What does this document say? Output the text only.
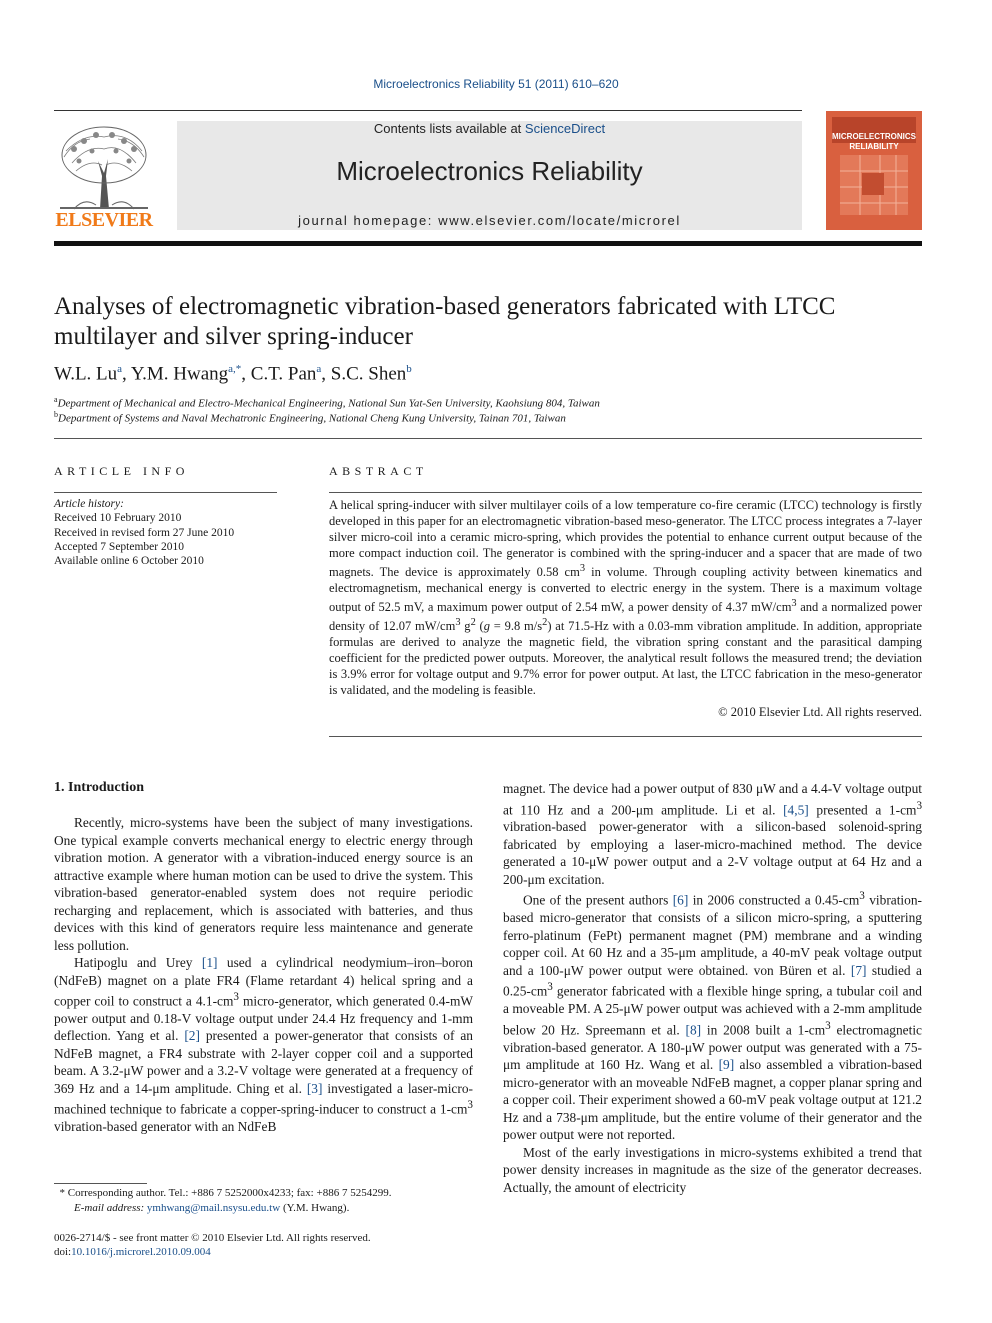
Microelectronics Reliability 51 (2011) 610–620
ELSEVIER
Contents lists available at ScienceDirect
Microelectronics Reliability
journal homepage: www.elsevier.com/locate/microrel
MICROELECTRONICS RELIABILITY
Analyses of electromagnetic vibration-based generators fabricated with LTCC multilayer and silver spring-inducer
W.L. Lu$^a$, Y.M. Hwang$^{a,*}$, C.T. Pan$^a$, S.C. Shen$^b$
$^a$Department of Mechanical and Electro-Mechanical Engineering, National Sun Yat-Sen University, Kaohsiung 804, Taiwan
$^b$Department of Systems and Naval Mechatronic Engineering, National Cheng Kung University, Tainan 701, Taiwan
ARTICLE INFO
Article history:
Received 10 February 2010
Received in revised form 27 June 2010
Accepted 7 September 2010
Available online 6 October 2010
ABSTRACT
A helical spring-inducer with silver multilayer coils of a low temperature co-fire ceramic (LTCC) technology is firstly developed in this paper for an electromagnetic vibration-based meso-generator. The LTCC process integrates a 7-layer silver micro-coil into a ceramic micro-spring, which provides the potential to enhance current output because of the more compact induction coil. The generator is combined with the spring-inducer and a spacer that are made of two magnets. The device is approximately 0.58 $cm^3$ in volume. Through coupling activity between kinematics and electromagnetism, mechanical energy is converted to electric energy in the system. There is a maximum voltage output of 52.5 mV, a maximum power output of 2.54 mW, a power density of 4.37 $mW/cm^3$ and a normalized power density of 12.07 $mW/cm^3$ $g^2$ (g = 9.8 $m/s^2$) at 71.5-Hz with a 0.03-mm vibration amplitude. In addition, appropriate formulas are derived to analyze the magnetic field, the vibration spring constant and the parasitical damping coefficient for the predicted power outputs. Moreover, the analytical result follows the measured trend; the deviation is 3.9% error for voltage output and 9.7% error for power output. At last, the LTCC fabrication in the meso-generator is validated, and the modeling is feasible.
© 2010 Elsevier Ltd. All rights reserved.
1. Introduction

Recently, micro-systems have been the subject of many investigations. One typical example converts mechanical energy to electric energy through vibration motion. A generator with a vibration-induced energy source is an attractive example where human motion can be used to drive the system. This vibration-based generator-enabled system does not require periodic recharging and replacement, which is associated with batteries, and thus devices with this kind of generators require less maintenance and generate less pollution.

Hatipoglu and Urey [1] used a cylindrical neodymium–iron–boron (NdFeB) magnet on a plate FR4 (Flame retardant 4) helical spring and a copper coil to construct a $4.1-cm^3$ micro-generator, which generated 0.4-mW power output and 0.18-V voltage output under 24.4 Hz frequency and 1-mm deflection. Yang et al. [2] presented a power-generator that consists of an NdFeB magnet, a FR4 substrate with 2-layer copper coil and a supported beam. A 3.2-μW power and a 3.2-V voltage were generated at a frequency of 369 Hz and a 14-μm amplitude. Ching et al. [3] investigated a laser-micro-machined technique to fabricate a copper-spring-inducer to construct a $1-cm^3$ vibration-based generator with an NdFeB

magnet. The device had a power output of 830 μW and a 4.4-V voltage output at 110 Hz and a 200-μm amplitude. Li et al. [4,5] presented a $1-cm^3$ vibration-based power-generator with a silicon-based solenoid-spring fabricated by employing a laser-micro-machined method. The device generated a 10-μW power output and a 2-V voltage output at 64 Hz and a 200-μm excitation.

One of the present authors [6] in 2006 constructed a $0.45-cm^3$ vibration-based micro-generator that consists of a silicon micro-spring, a sputtering ferro-platinum (FePt) permanent magnet (PM) membrane and a winding copper coil. At 60 Hz and a 35-μm amplitude, a 40-mV peak voltage output and a 100-μW power output were obtained. von Büren et al. [7] studied a $0.25-cm^3$ generator fabricated with a flexible hinge spring, a tubular coil and a moveable PM. A 25-μW power output was achieved with a 2-mm amplitude below 20 Hz. Spreemann et al. [8] in 2008 built a $1-cm^3$ electromagnetic vibration-based generator. A 180-μW power output was generated with a 75-μm amplitude at 160 Hz. Wang et al. [9] also assembled a vibration-based micro-generator with an moveable NdFeB magnet, a copper planar spring and a copper coil. Their experiment showed a 60-mV peak voltage output at 121.2 Hz and a 738-μm amplitude, but the entire volume of their generator and the power output were not reported.

Most of the early investigations in micro-systems exhibited a trend that power density increases in magnitude as the size of the generator decreases. Actually, the amount of electricity

* Corresponding author. Tel.: +886 7 5252000x4233; fax: +886 7 5254299.
E-mail address: ymhwang@mail.nsysu.edu.tw (Y.M. Hwang).
0026-2714/$ - see front matter © 2010 Elsevier Ltd. All rights reserved.
doi:10.1016/j.microrel.2010.09.004
